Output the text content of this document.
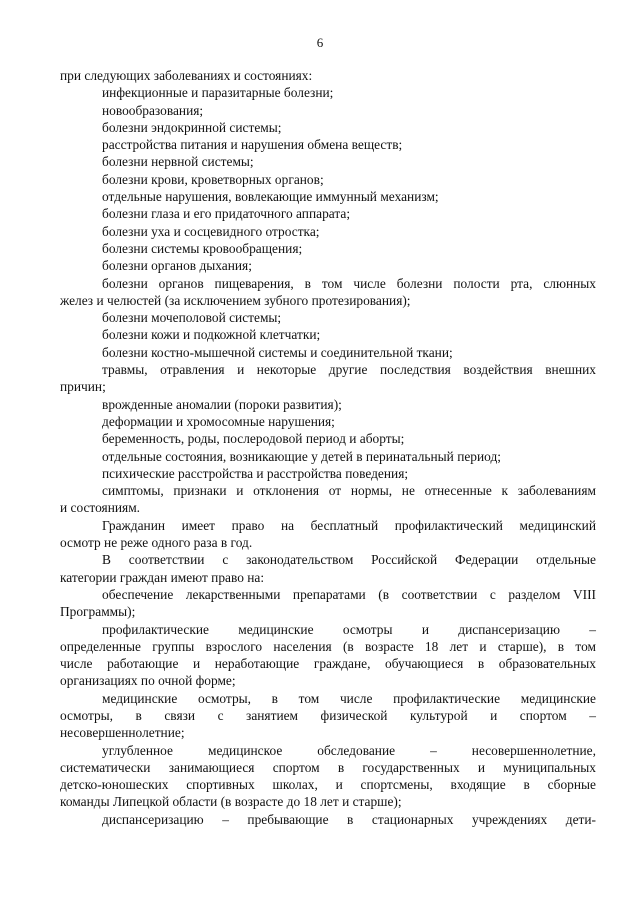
6

при следующих заболеваниях и состояниях:

инфекционные и паразитарные болезни;

новообразования;

болезни эндокринной системы;

расстройства питания и нарушения обмена веществ;

болезни нервной системы;

болезни крови, кроветворных органов;

отдельные нарушения, вовлекающие иммунный механизм;

болезни глаза и его придаточного аппарата;

болезни уха и сосцевидного отростка;

болезни системы кровообращения;

болезни органов дыхания;

болезни органов пищеварения, в том числе болезни полости рта, слюнных

желез и челюстей (за исключением зубного протезирования);

болезни мочеполовой системы;

болезни кожи и подкожной клетчатки;

болезни костно-мышечной системы и соединительной ткани;

травмы, отравления и некоторые другие последствия воздействия внешних

причин;

врожденные аномалии (пороки развития);

деформации и хромосомные нарушения;

беременность, роды, послеродовой период и аборты;

отдельные состояния, возникающие у детей в перинатальный период;

психические расстройства и расстройства поведения;

симптомы, признаки и отклонения от нормы, не отнесенные к заболеваниям

и состояниям.

Гражданин имеет право на бесплатный профилактический медицинский

осмотр не реже одного раза в год.

В соответствии с законодательством Российской Федерации отдельные

категории граждан имеют право на:

обеспечение лекарственными препаратами (в соответствии с разделом VIII

Программы);

профилактические медицинские осмотры и диспансеризацию –

определенные группы взрослого населения (в возрасте 18 лет и старше), в том

числе работающие и неработающие граждане, обучающиеся в образовательных

организациях по очной форме;

медицинские осмотры, в том числе профилактические медицинские

осмотры, в связи с занятием физической культурой и спортом –

несовершеннолетние;

углубленное	медицинское	обследование	–	несовершеннолетние,

систематически занимающиеся спортом в государственных и муниципальных

детско-юношеских спортивных школах, и спортсмены, входящие в сборные

команды Липецкой области (в возрасте до 18 лет и старше);

диспансеризацию – пребывающие в стационарных учреждениях дети-
